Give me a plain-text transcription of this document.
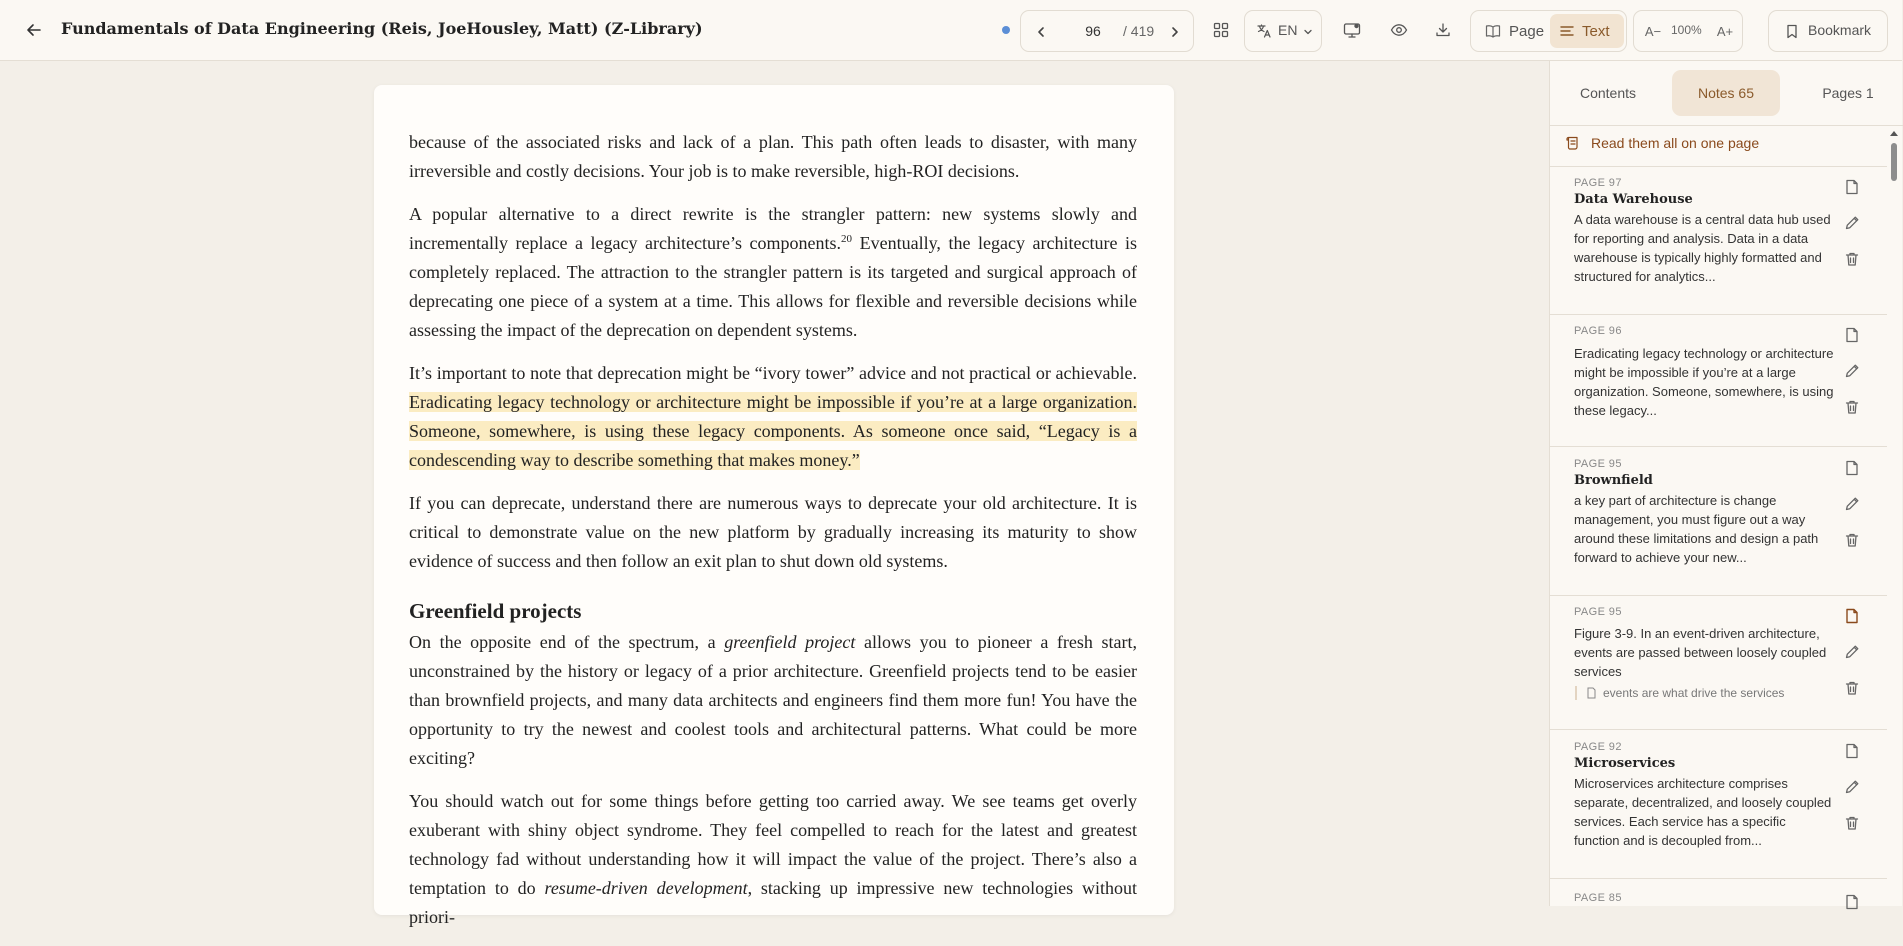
Fundamentals of Data Engineering (Reis, JoeHousley, Matt) (Z-Library)
96	/ 419	EN	Page	Text	A− 100%	A+	Bookmark

because of the associated risks and lack of a plan. This path often leads to disaster, with many irreversible and costly decisions. Your job is to make reversible, high-ROI decisions.

A popular alternative to a direct rewrite is the strangler pattern: new systems slowly and incrementally replace a legacy architecture’s components.$^{20}$ Eventually, the legacy architecture is completely replaced. The attraction to the strangler pattern is its targeted and surgical approach of deprecating one piece of a system at a time. This allows for flexible and reversible decisions while assessing the impact of the deprecation on dependent systems.

It’s important to note that deprecation might be “ivory tower” advice and not practical or achievable. Eradicating legacy technology or architecture might be impossible if you’re at a large organization. Someone, somewhere, is using these legacy components. As someone once said, “Legacy is a condescending way to describe something that makes money.”

If you can deprecate, understand there are numerous ways to deprecate your old architecture. It is critical to demonstrate value on the new platform by gradually increasing its maturity to show evidence of success and then follow an exit plan to shut down old systems.

Greenfield projects

On the opposite end of the spectrum, a greenfield project allows you to pioneer a fresh start, unconstrained by the history or legacy of a prior architecture. Greenfield projects tend to be easier than brownfield projects, and many data architects and engineers find them more fun! You have the opportunity to try the newest and coolest tools and architectural patterns. What could be more exciting?

You should watch out for some things before getting too carried away. We see teams get overly exuberant with shiny object syndrome. They feel compelled to reach for the latest and greatest technology fad without understanding how it will impact the value of the project. There’s also a temptation to do resume-driven development, stacking up impressive new technologies without priori-

Contents	Notes 65	Pages 1
Read them all on one page
PAGE 97
Data Warehouse
A data warehouse is a central data hub used for reporting and analysis. Data in a data warehouse is typically highly formatted and structured for analytics...
PAGE 96
Eradicating legacy technology or architecture might be impossible if you’re at a large organization. Someone, somewhere, is using these legacy...
PAGE 95
Brownfield
a key part of architecture is change management, you must figure out a way around these limitations and design a path forward to achieve your new...
PAGE 95
Figure 3-9. In an event-driven architecture, events are passed between loosely coupled services
events are what drive the services
PAGE 92
Microservices
Microservices architecture comprises separate, decentralized, and loosely coupled services. Each service has a specific function and is decoupled from...
PAGE 85
